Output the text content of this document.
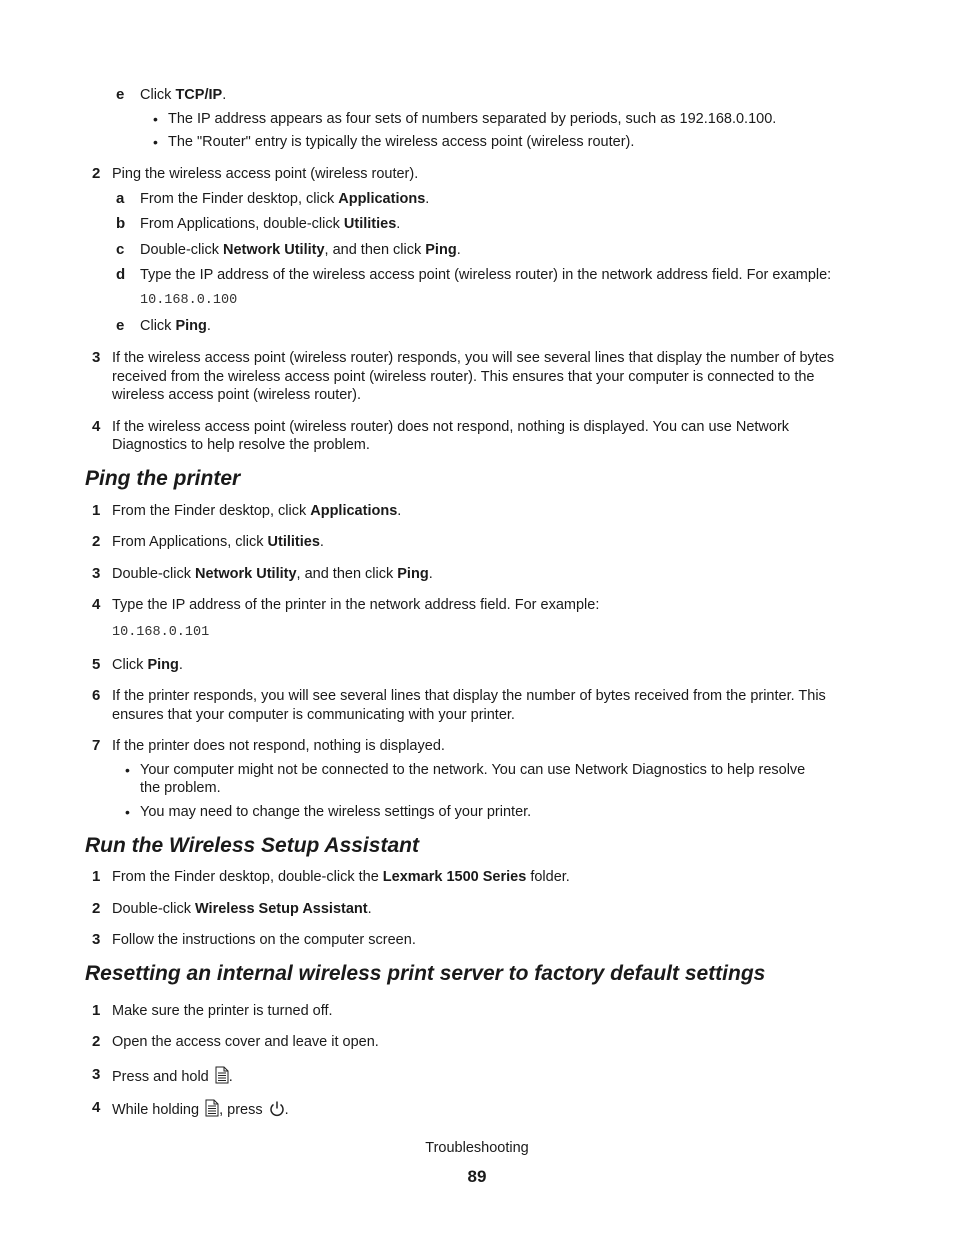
e Click TCP/IP.
• The IP address appears as four sets of numbers separated by periods, such as 192.168.0.100.
• The "Router" entry is typically the wireless access point (wireless router).
2 Ping the wireless access point (wireless router).
a From the Finder desktop, click Applications.
b From Applications, double-click Utilities.
c Double-click Network Utility, and then click Ping.
d Type the IP address of the wireless access point (wireless router) in the network address field. For example:
10.168.0.100
e Click Ping.
3 If the wireless access point (wireless router) responds, you will see several lines that display the number of bytes
received from the wireless access point (wireless router). This ensures that your computer is connected to the
wireless access point (wireless router).
4 If the wireless access point (wireless router) does not respond, nothing is displayed. You can use Network
Diagnostics to help resolve the problem.
Ping the printer
1 From the Finder desktop, click Applications.
2 From Applications, click Utilities.
3 Double-click Network Utility, and then click Ping.
4 Type the IP address of the printer in the network address field. For example:
10.168.0.101
5 Click Ping.
6 If the printer responds, you will see several lines that display the number of bytes received from the printer. This
ensures that your computer is communicating with your printer.
7 If the printer does not respond, nothing is displayed.
• Your computer might not be connected to the network. You can use Network Diagnostics to help resolve
the problem.
• You may need to change the wireless settings of your printer.
Run the Wireless Setup Assistant
1 From the Finder desktop, double-click the Lexmark 1500 Series folder.
2 Double-click Wireless Setup Assistant.
3 Follow the instructions on the computer screen.
Resetting an internal wireless print server to factory default settings
1 Make sure the printer is turned off.
2 Open the access cover and leave it open.
3 Press and hold .
4 While holding , press .
Troubleshooting
89
